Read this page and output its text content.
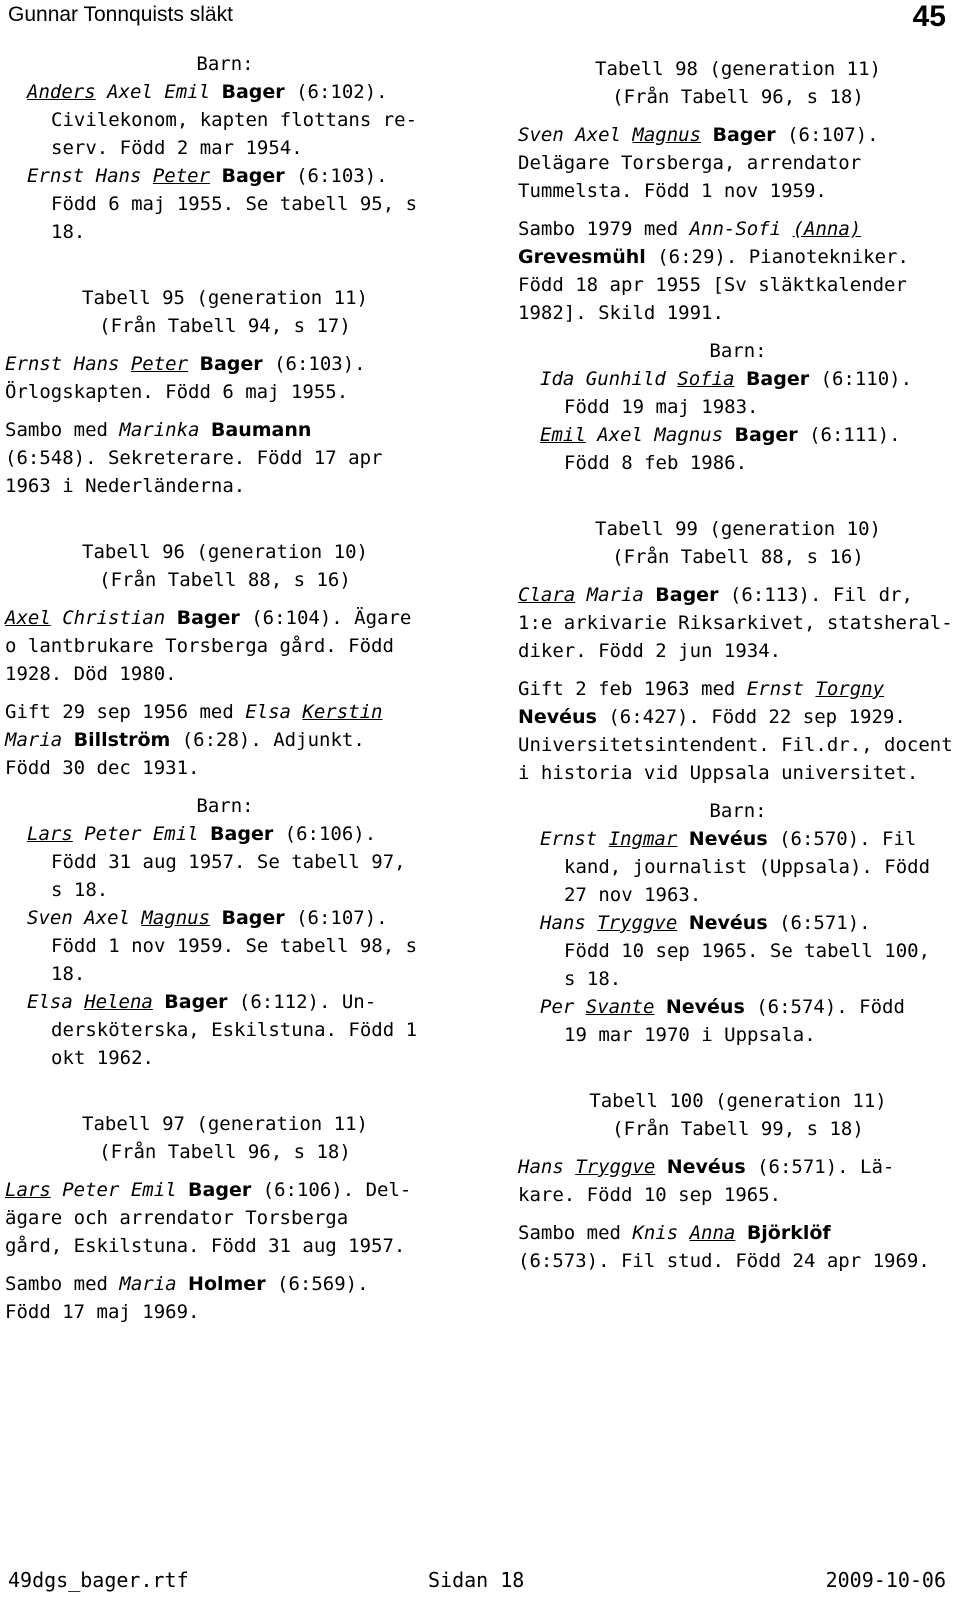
Gunnar Tonnquists släkt	45
Barn:
Anders Axel Emil Bager (6:102).
Civilekonom, kapten flottans re-
serv. Född 2 mar 1954.
Ernst Hans Peter Bager (6:103).
Född 6 maj 1955. Se tabell 95, s
18.
Tabell 95 (generation 11)
(Från Tabell 94, s 17)
Ernst Hans Peter Bager (6:103).
Örlogskapten. Född 6 maj 1955.
Sambo med Marinka Baumann
(6:548). Sekreterare. Född 17 apr
1963 i Nederländerna.
Tabell 96 (generation 10)
(Från Tabell 88, s 16)
Axel Christian Bager (6:104). Ägare
o lantbrukare Torsberga gård. Född
1928. Död 1980.
Gift 29 sep 1956 med Elsa Kerstin
Maria Billström (6:28). Adjunkt.
Född 30 dec 1931.
Barn:
Lars Peter Emil Bager (6:106).
Född 31 aug 1957. Se tabell 97,
s 18.
Sven Axel Magnus Bager (6:107).
Född 1 nov 1959. Se tabell 98, s
18.
Elsa Helena Bager (6:112). Un-
dersköterska, Eskilstuna. Född 1
okt 1962.
Tabell 97 (generation 11)
(Från Tabell 96, s 18)
Lars Peter Emil Bager (6:106). Del-
ägare och arrendator Torsberga
gård, Eskilstuna. Född 31 aug 1957.
Sambo med Maria Holmer (6:569).
Född 17 maj 1969.
Tabell 98 (generation 11)
(Från Tabell 96, s 18)
Sven Axel Magnus Bager (6:107).
Delägare Torsberga, arrendator
Tummelsta. Född 1 nov 1959.
Sambo 1979 med Ann-Sofi (Anna)
Grevesmühl (6:29). Pianotekniker.
Född 18 apr 1955 [Sv släktkalender
1982]. Skild 1991.
Barn:
Ida Gunhild Sofia Bager (6:110).
Född 19 maj 1983.
Emil Axel Magnus Bager (6:111).
Född 8 feb 1986.
Tabell 99 (generation 10)
(Från Tabell 88, s 16)
Clara Maria Bager (6:113). Fil dr,
1:e arkivarie Riksarkivet, statsheral-
diker. Född 2 jun 1934.
Gift 2 feb 1963 med Ernst Torgny
Nevéus (6:427). Född 22 sep 1929.
Universitetsintendent. Fil.dr., docent
i historia vid Uppsala universitet.
Barn:
Ernst Ingmar Nevéus (6:570). Fil
kand, journalist (Uppsala). Född
27 nov 1963.
Hans Tryggve Nevéus (6:571).
Född 10 sep 1965. Se tabell 100,
s 18.
Per Svante Nevéus (6:574). Född
19 mar 1970 i Uppsala.
Tabell 100 (generation 11)
(Från Tabell 99, s 18)
Hans Tryggve Nevéus (6:571). Lä-
kare. Född 10 sep 1965.
Sambo med Knis Anna Björklöf
(6:573). Fil stud. Född 24 apr 1969.
49dgs_bager.rtf	Sidan 18	2009-10-06
